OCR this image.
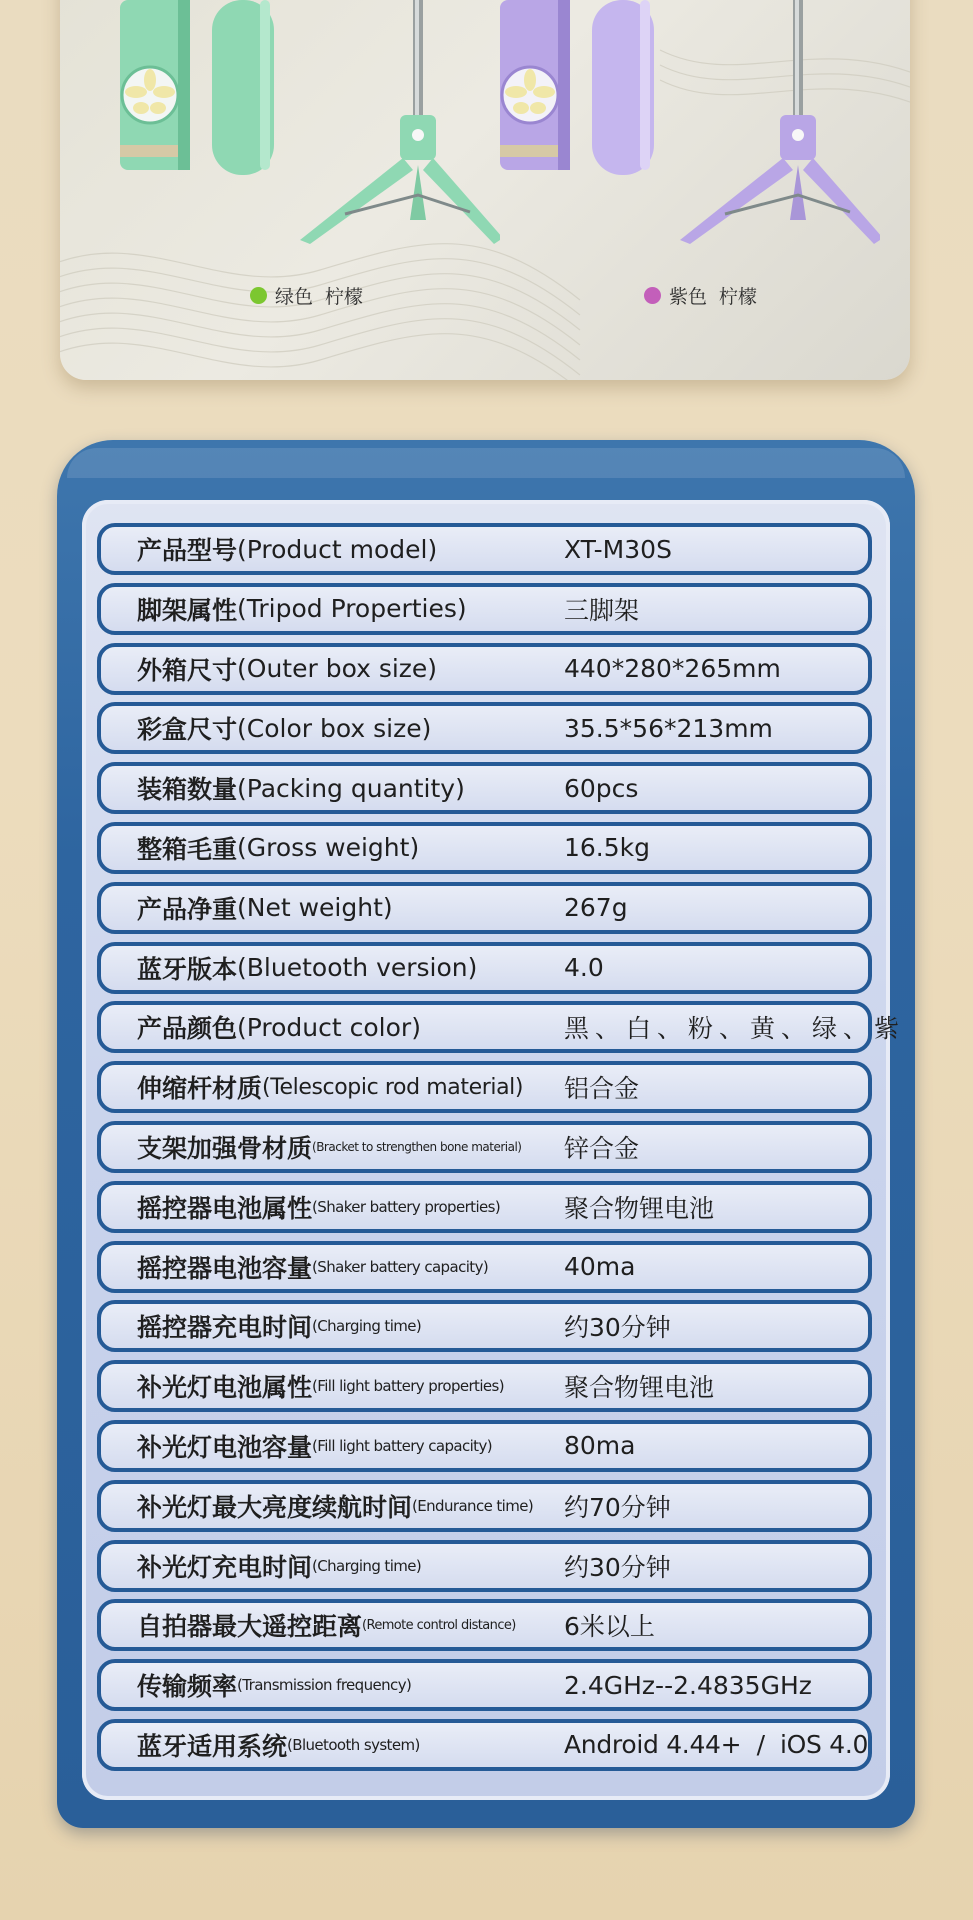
绿色 柠檬	紫色 柠檬
产品型号 (Product model)	XT-M30S
脚架属性 (Tripod Properties)	三脚架
外箱尺寸 (Outer box size)	440*280*265mm
彩盒尺寸 (Color box size)	35.5*56*213mm
装箱数量 (Packing quantity)	60pcs
整箱毛重 (Gross weight)	16.5kg
产品净重 (Net weight)	267g
蓝牙版本 (Bluetooth version)	4.0
产品颜色 (Product color)	黑、白、粉、黄、绿、紫
伸缩杆材质 (Telescopic rod material) 铝合金
支架加强骨材质 (Bracket to strengthen bone material) 锌合金
摇控器电池属性 (Shaker battery properties)	聚合物锂电池
摇控器电池容量 (Shaker battery capacity)	40ma
摇控器充电时间 (Charging time)	约30分钟
补光灯电池属性 (Fill light battery properties) 聚合物锂电池
补光灯电池容量 (Fill light battery capacity)	80ma
补光灯最大亮度续航时间 (Endurance time) 约70分钟
补光灯充电时间 (Charging time)	约30分钟
自拍器最大遥控距离 (Remote control distance) 6米以上
传输频率 (Transmission frequency)	2.4GHz--2.4835GHz
蓝牙适用系统 (Bluetooth system)	Android 4.44+  /  iOS 4.0
